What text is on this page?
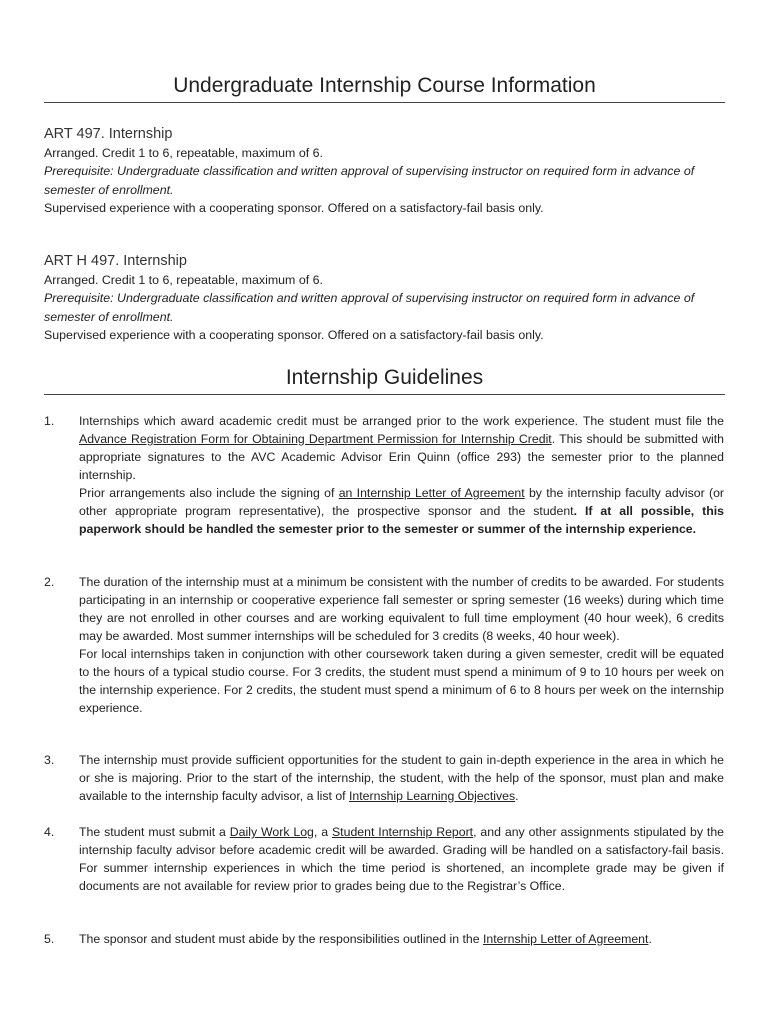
Undergraduate Internship Course Information
ART 497. Internship
Arranged. Credit 1 to 6, repeatable, maximum of 6.
Prerequisite: Undergraduate classification and written approval of supervising instructor on required form in advance of semester of enrollment.
Supervised experience with a cooperating sponsor. Offered on a satisfactory-fail basis only.
ART H 497. Internship
Arranged. Credit 1 to 6, repeatable, maximum of 6.
Prerequisite: Undergraduate classification and written approval of supervising instructor on required form in advance of semester of enrollment.
Supervised experience with a cooperating sponsor. Offered on a satisfactory-fail basis only.
Internship Guidelines
1.	Internships which award academic credit must be arranged prior to the work experience. The student must file the Advance Registration Form for Obtaining Department Permission for Internship Credit. This should be submitted with appropriate signatures to the AVC Academic Advisor Erin Quinn (office 293) the semester prior to the planned internship.

Prior arrangements also include the signing of an Internship Letter of Agreement by the internship faculty advisor (or other appropriate program representative), the prospective sponsor and the student. If at all possible, this paperwork should be handled the semester prior to the semester or summer of the internship experience.

2.	The duration of the internship must at a minimum be consistent with the number of credits to be awarded. For students participating in an internship or cooperative experience fall semester or spring semester (16 weeks) during which time they are not enrolled in other courses and are working equivalent to full time employment (40 hour week), 6 credits may be awarded. Most summer internships will be scheduled for 3 credits (8 weeks, 40 hour week).

For local internships taken in conjunction with other coursework taken during a given semester, credit will be equated to the hours of a typical studio course. For 3 credits, the student must spend a minimum of 9 to 10 hours per week on the internship experience. For 2 credits, the student must spend a minimum of 6 to 8 hours per week on the internship experience.

3.	The internship must provide sufficient opportunities for the student to gain in-depth experience in the area in which he or she is majoring. Prior to the start of the internship, the student, with the help of the sponsor, must plan and make available to the internship faculty advisor, a list of Internship Learning Objectives.

4.	The student must submit a Daily Work Log, a Student Internship Report, and any other assignments stipulated by the internship faculty advisor before academic credit will be awarded. Grading will be handled on a satisfactory-fail basis. For summer internship experiences in which the time period is shortened, an incomplete grade may be given if documents are not available for review prior to grades being due to the Registrar’s Office.

5.	The sponsor and student must abide by the responsibilities outlined in the Internship Letter of Agreement.
